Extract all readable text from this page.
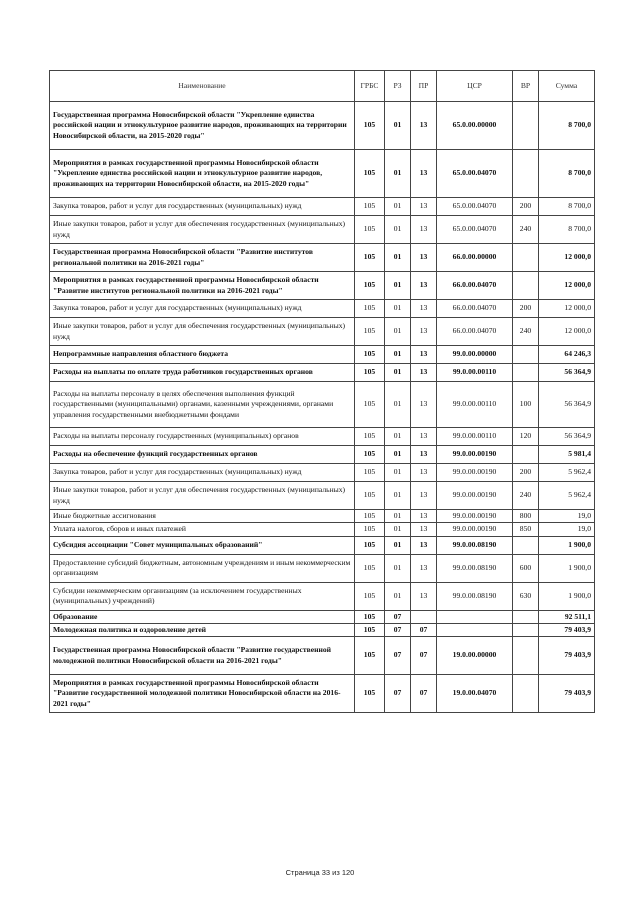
Наименование	ГРБС	РЗ	ПР	ЦСР	ВР	Сумма
Государственная программа Новосибирской области "Укрепление единства российской нации и этнокультурное развитие народов, проживающих на территории Новосибирской области, на 2015-2020 годы"	105	01	13	65.0.00.00000		8 700,0
Мероприятия в рамках государственной программы Новосибирской области "Укрепление единства российской нации и этнокультурное развитие народов, проживающих на территории Новосибирской области, на 2015-2020 годы"	105	01	13	65.0.00.04070		8 700,0
Закупка товаров, работ и услуг для государственных (муниципальных) нужд	105	01	13	65.0.00.04070	200	8 700,0
Иные закупки товаров, работ и услуг для обеспечения государственных (муниципальных) нужд	105	01	13	65.0.00.04070	240	8 700,0
Государственная программа Новосибирской области "Развитие институтов региональной политики на 2016-2021 годы"	105	01	13	66.0.00.00000		12 000,0
Мероприятия в рамках государственной программы Новосибирской области "Развитие институтов региональной политики на 2016-2021 годы"	105	01	13	66.0.00.04070		12 000,0
Закупка товаров, работ и услуг для государственных (муниципальных) нужд	105	01	13	66.0.00.04070	200	12 000,0
Иные закупки товаров, работ и услуг для обеспечения государственных (муниципальных) нужд	105	01	13	66.0.00.04070	240	12 000,0
Непрограммные направления областного бюджета	105	01	13	99.0.00.00000		64 246,3
Расходы на выплаты по оплате труда работников государственных органов	105	01	13	99.0.00.00110		56 364,9
Расходы на выплаты персоналу в целях обеспечения выполнения функций государственными (муниципальными) органами, казенными учреждениями, органами управления государственными внебюджетными фондами	105	01	13	99.0.00.00110	100	56 364,9
Расходы на выплаты персоналу государственных (муниципальных) органов	105	01	13	99.0.00.00110	120	56 364,9
Расходы на обеспечение функций государственных органов	105	01	13	99.0.00.00190		5 981,4
Закупка товаров, работ и услуг для государственных (муниципальных) нужд	105	01	13	99.0.00.00190	200	5 962,4
Иные закупки товаров, работ и услуг для обеспечения государственных (муниципальных) нужд	105	01	13	99.0.00.00190	240	5 962,4
Иные бюджетные ассигнования	105	01	13	99.0.00.00190	800	19,0
Уплата налогов, сборов и иных платежей	105	01	13	99.0.00.00190	850	19,0
Субсидия ассоциации "Совет муниципальных образований"	105	01	13	99.0.00.08190		1 900,0
Предоставление субсидий бюджетным, автономным учреждениям и иным некоммерческим организациям	105	01	13	99.0.00.08190	600	1 900,0
Субсидии некоммерческим организациям (за исключением государственных (муниципальных) учреждений)	105	01	13	99.0.00.08190	630	1 900,0
Образование	105	07				92 511,1
Молодежная политика и оздоровление детей	105	07	07			79 403,9
Государственная программа Новосибирской области "Развитие государственной молодежной политики Новосибирской области на 2016-2021 годы"	105	07	07	19.0.00.00000		79 403,9
Мероприятия в рамках государственной программы Новосибирской области "Развитие государственной молодежной политики Новосибирской области на 2016-2021 годы"	105	07	07	19.0.00.04070		79 403,9
Страница 33 из 120
